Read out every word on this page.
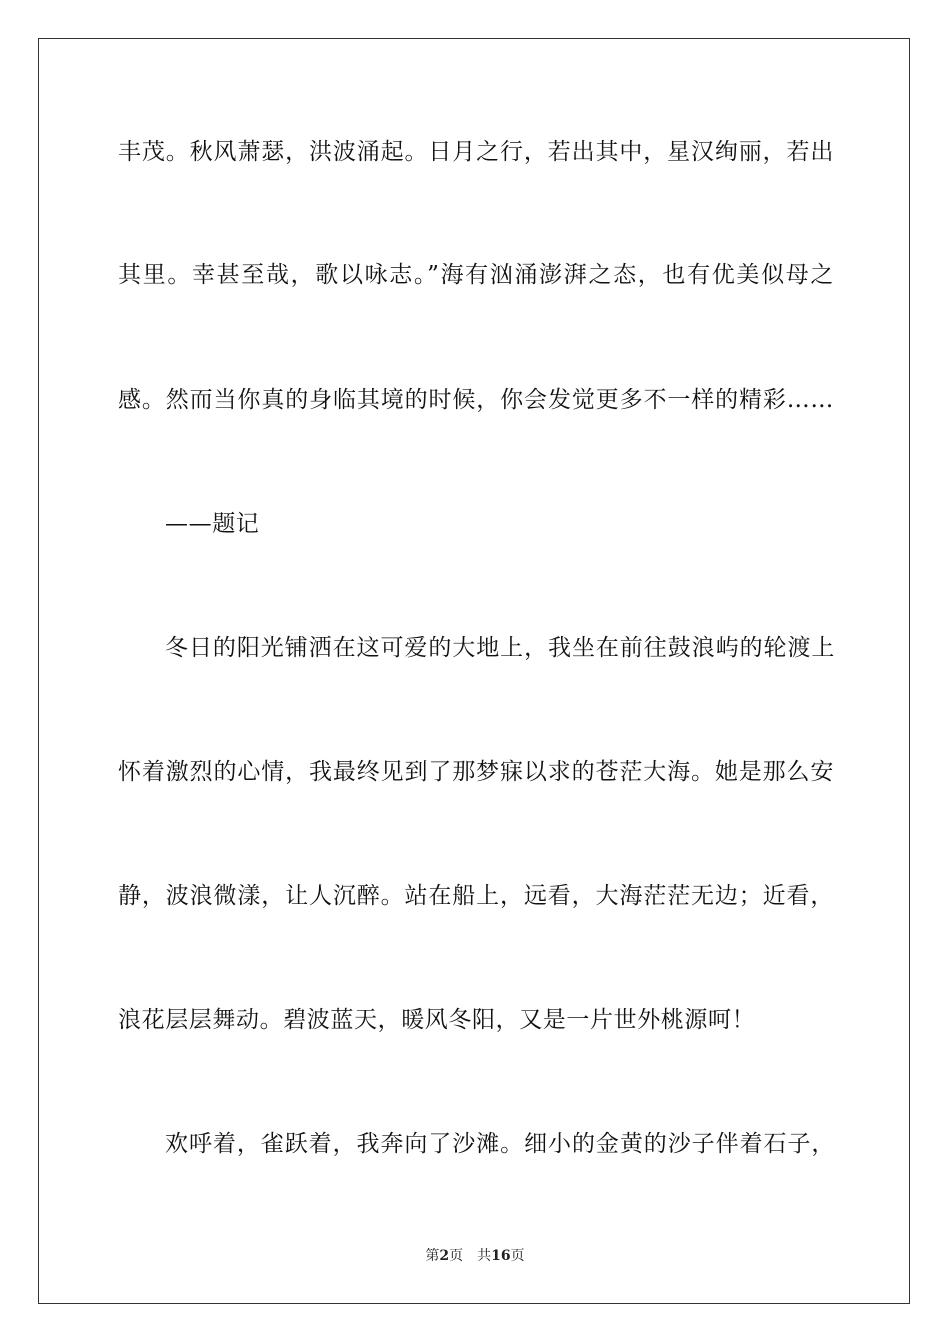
丰茂。秋风萧瑟，洪波涌起。日月之行，若出其中，星汉绚丽，若出
其里。幸甚至哉，歌以咏志。”海有汹涌澎湃之态，也有优美似母之
感。然而当你真的身临其境的时候，你会发觉更多不一样的精彩……
——题记
冬日的阳光铺洒在这可爱的大地上，我坐在前往鼓浪屿的轮渡上
怀着激烈的心情，我最终见到了那梦寐以求的苍茫大海。她是那么安
静，波浪微漾，让人沉醉。站在船上，远看，大海茫茫无边；近看，
浪花层层舞动。碧波蓝天，暖风冬阳，又是一片世外桃源呵！
欢呼着，雀跃着，我奔向了沙滩。细小的金黄的沙子伴着石子，
第2页 共16页
